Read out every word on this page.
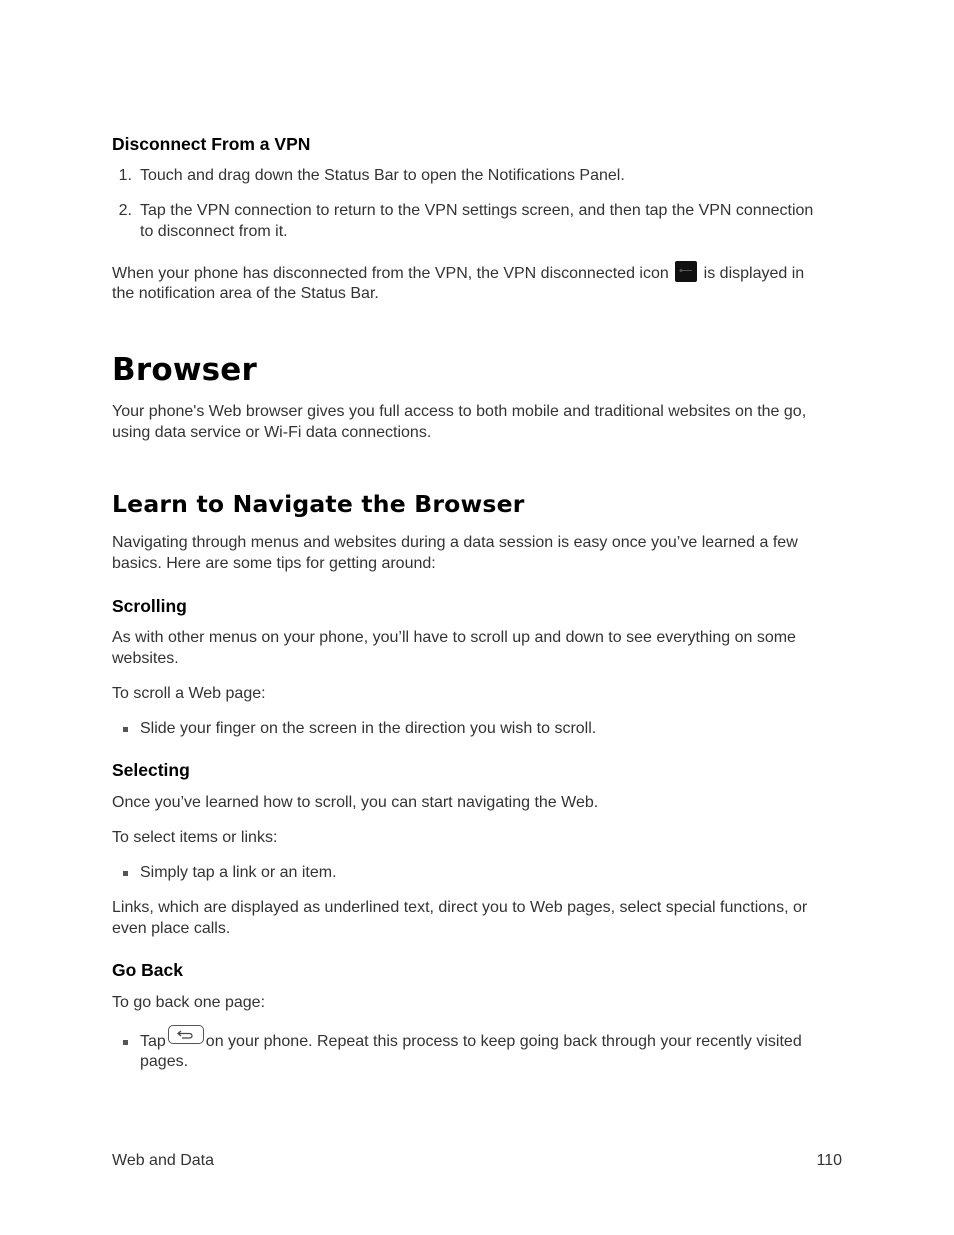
Disconnect From a VPN
1. Touch and drag down the Status Bar to open the Notifications Panel.
2. Tap the VPN connection to return to the VPN settings screen, and then tap the VPN connection
to disconnect from it.
When your phone has disconnected from the VPN, the VPN disconnected icon is displayed in
the notification area of the Status Bar.
Browser
Your phone's Web browser gives you full access to both mobile and traditional websites on the go,
using data service or Wi-Fi data connections.
Learn to Navigate the Browser
Navigating through menus and websites during a data session is easy once you’ve learned a few
basics. Here are some tips for getting around:
Scrolling
As with other menus on your phone, you’ll have to scroll up and down to see everything on some
websites.
To scroll a Web page:
Slide your finger on the screen in the direction you wish to scroll.
Selecting
Once you’ve learned how to scroll, you can start navigating the Web.
To select items or links:
Simply tap a link or an item.
Links, which are displayed as underlined text, direct you to Web pages, select special functions, or
even place calls.
Go Back
To go back one page:
Tap	on your phone. Repeat this process to keep going back through your recently visited
pages.
Web and Data	110
